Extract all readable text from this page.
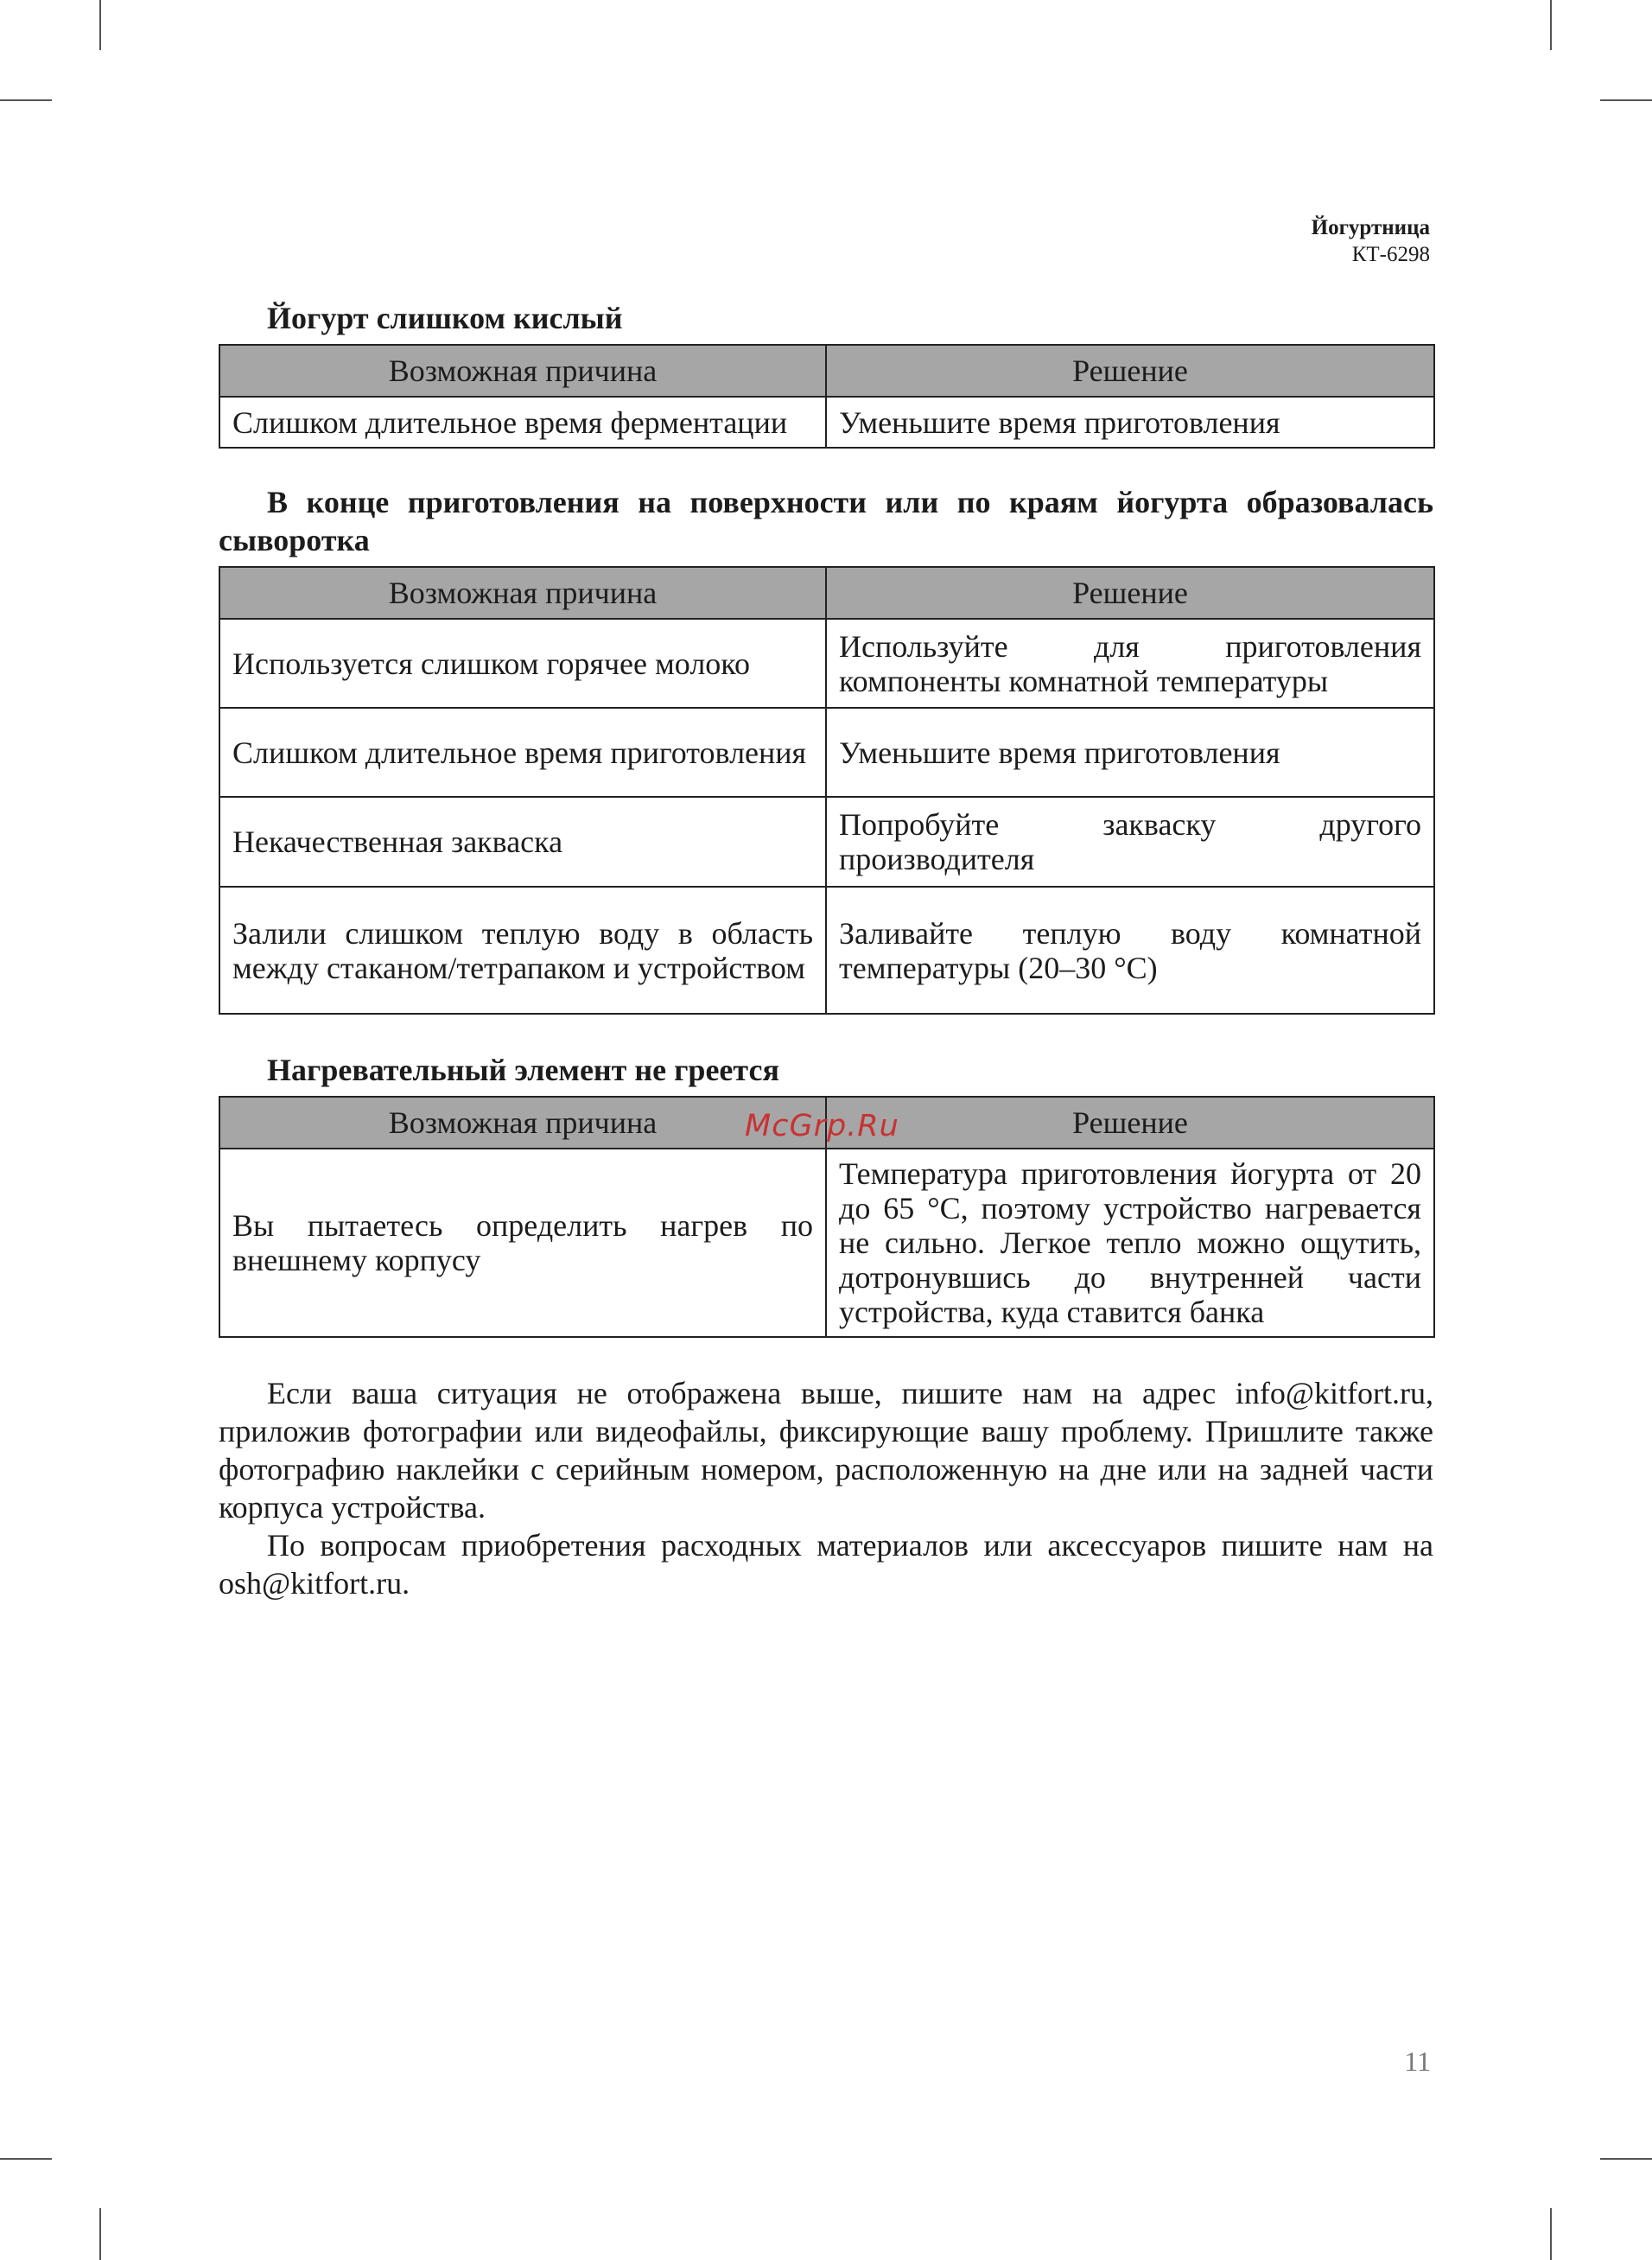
Йогуртница
КТ-6298
Йогурт слишком кислый
Возможная причина	Решение
Слишком длительное время ферментации	Уменьшите время приготовления
В конце приготовления на поверхности или по краям йогурта образовалась сыворотка
Возможная причина	Решение
Используется слишком горячее молоко	Используйте для приготовления компоненты комнатной температуры
Слишком длительное время приготовления	Уменьшите время приготовления
Некачественная закваска	Попробуйте закваску другого производителя
Залили слишком теплую воду в область между стаканом/тетрапаком и устройством	Заливайте теплую воду комнатной температуры (20–30 °C)
Нагревательный элемент не греется
Возможная причина	Решение
Вы пытаетесь определить нагрев по внешнему корпусу	Температура приготовления йогурта от 20 до 65 °C, поэтому устройство нагревается не сильно. Легкое тепло можно ощутить, дотронувшись до внутренней части устройства, куда ставится банка

Если ваша ситуация не отображена выше, пишите нам на адрес info@kitfort.ru, приложив фотографии или видеофайлы, фиксирующие вашу проблему. Пришлите также фотографию наклейки с серийным номером, расположенную на дне или на задней части корпуса устройства.

По вопросам приобретения расходных материалов или аксессуаров пишите нам на osh@kitfort.ru.

McGrp.Ru
11
